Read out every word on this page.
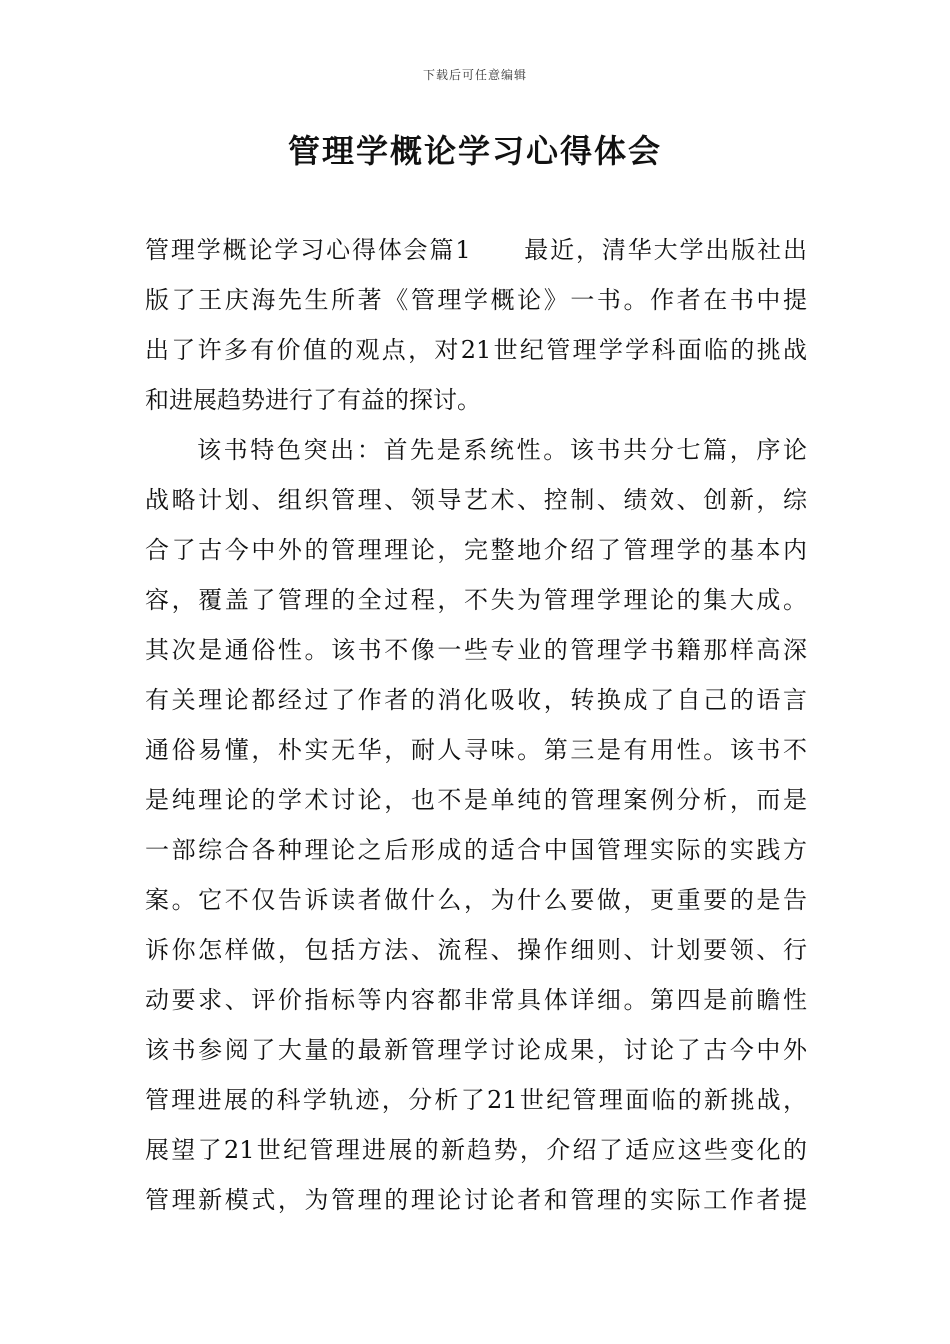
下载后可任意编辑
管理学概论学习心得体会
管理学概论学习心得体会篇1　　最近，清华大学出版社出
版了王庆海先生所著《管理学概论》一书。作者在书中提
出了许多有价值的观点，对21世纪管理学学科面临的挑战
和进展趋势进行了有益的探讨。
该书特色突出：首先是系统性。该书共分七篇，序论
战略计划、组织管理、领导艺术、控制、绩效、创新，综
合了古今中外的管理理论，完整地介绍了管理学的基本内
容，覆盖了管理的全过程，不失为管理学理论的集大成。
其次是通俗性。该书不像一些专业的管理学书籍那样高深
有关理论都经过了作者的消化吸收，转换成了自己的语言
通俗易懂，朴实无华，耐人寻味。第三是有用性。该书不
是纯理论的学术讨论，也不是单纯的管理案例分析，而是
一部综合各种理论之后形成的适合中国管理实际的实践方
案。它不仅告诉读者做什么，为什么要做，更重要的是告
诉你怎样做，包括方法、流程、操作细则、计划要领、行
动要求、评价指标等内容都非常具体详细。第四是前瞻性
该书参阅了大量的最新管理学讨论成果，讨论了古今中外
管理进展的科学轨迹，分析了21世纪管理面临的新挑战，
展望了21世纪管理进展的新趋势，介绍了适应这些变化的
管理新模式，为管理的理论讨论者和管理的实际工作者提
